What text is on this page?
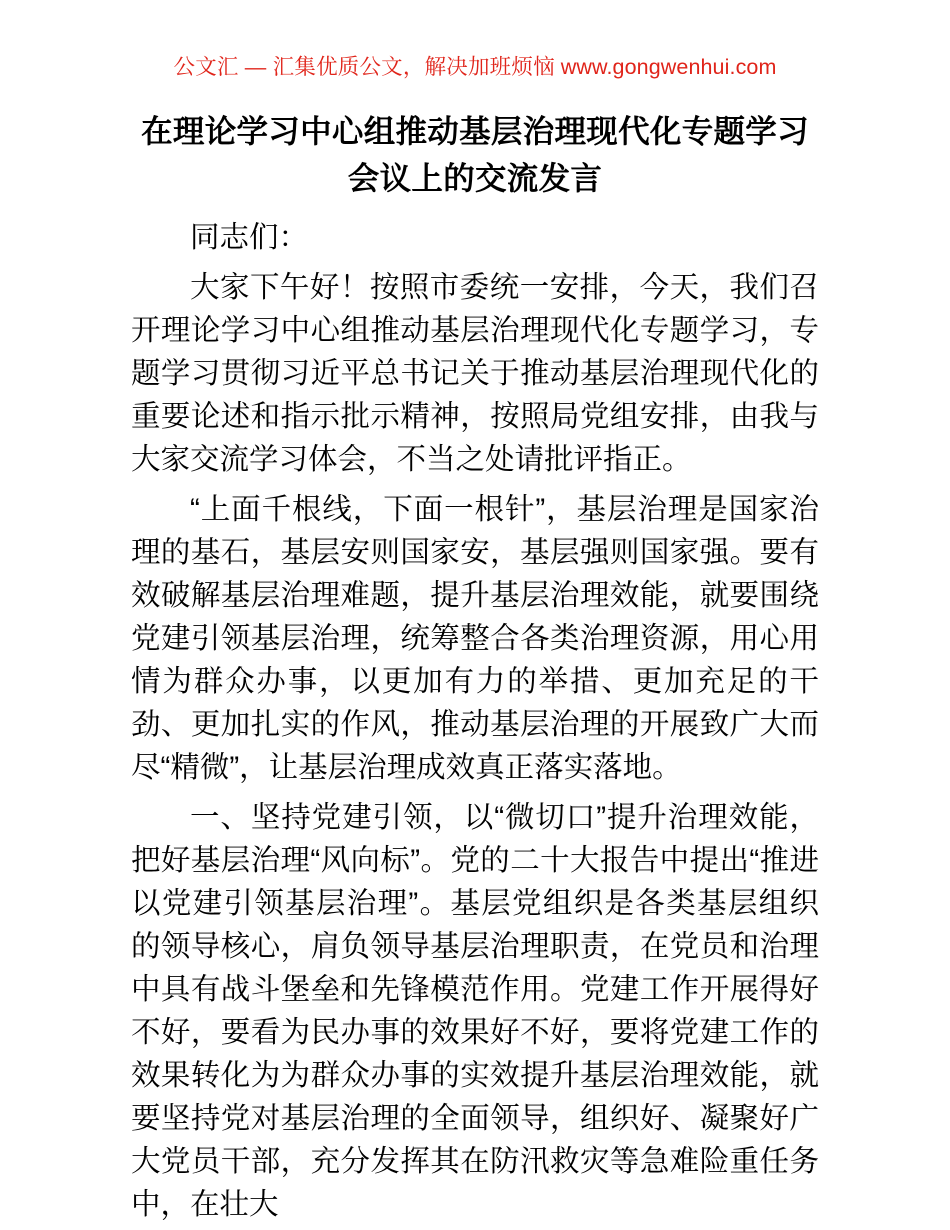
公文汇 — 汇集优质公文，解决加班烦恼 www.gongwenhui.com
在理论学习中心组推动基层治理现代化专题学习会议上的交流发言

同志们：

大家下午好！按照市委统一安排，今天，我们召开理论学习中心组推动基层治理现代化专题学习，专题学习贯彻习近平总书记关于推动基层治理现代化的重要论述和指示批示精神，按照局党组安排，由我与大家交流学习体会，不当之处请批评指正。

“上面千根线，下面一根针”，基层治理是国家治理的基石，基层安则国家安，基层强则国家强。要有效破解基层治理难题，提升基层治理效能，就要围绕党建引领基层治理，统筹整合各类治理资源，用心用情为群众办事，以更加有力的举措、更加充足的干劲、更加扎实的作风，推动基层治理的开展致广大而尽“精微”，让基层治理成效真正落实落地。

一、坚持党建引领，以“微切口”提升治理效能，把好基层治理“风向标”。党的二十大报告中提出“推进以党建引领基层治理”。基层党组织是各类基层组织的领导核心，肩负领导基层治理职责，在党员和治理中具有战斗堡垒和先锋模范作用。党建工作开展得好不好，要看为民办事的效果好不好，要将党建工作的效果转化为为群众办事的实效提升基层治理效能，就要坚持党对基层治理的全面领导，组织好、凝聚好广大党员干部，充分发挥其在防汛救灾等急难险重任务中，在壮大
